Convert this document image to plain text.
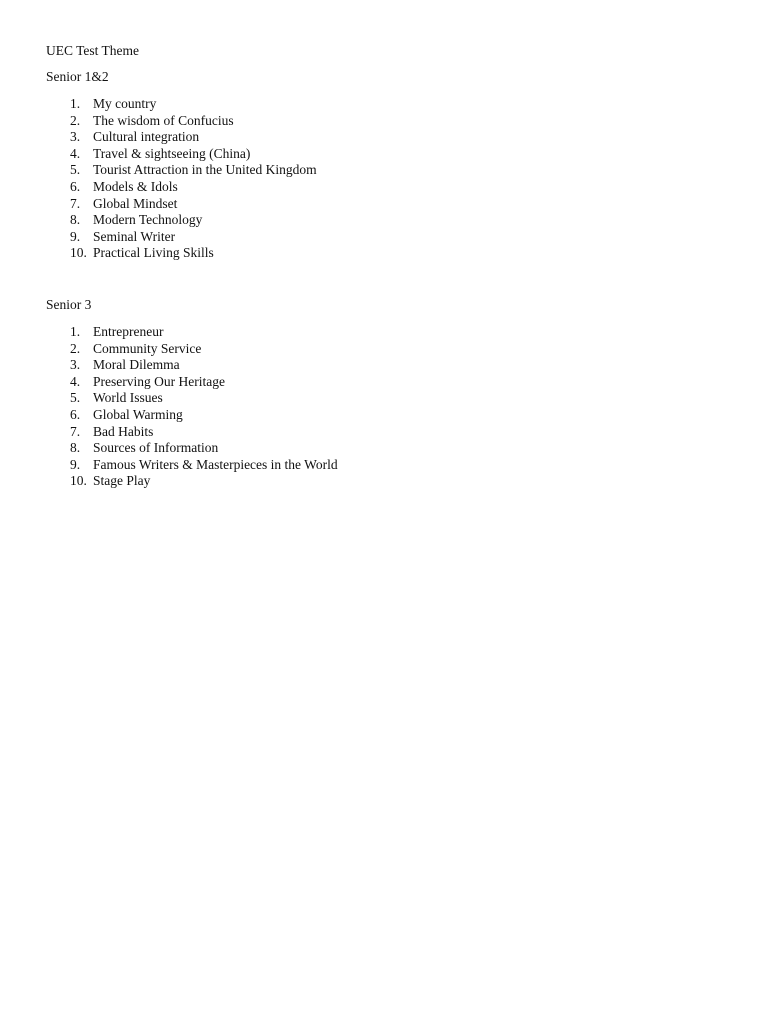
UEC Test Theme
Senior 1&2
1. My country
2. The wisdom of Confucius
3. Cultural integration
4. Travel & sightseeing (China)
5. Tourist Attraction in the United Kingdom
6. Models & Idols
7. Global Mindset
8. Modern Technology
9. Seminal Writer
10. Practical Living Skills
Senior 3
1. Entrepreneur
2. Community Service
3. Moral Dilemma
4. Preserving Our Heritage
5. World Issues
6. Global Warming
7. Bad Habits
8. Sources of Information
9. Famous Writers & Masterpieces in the World
10. Stage Play
